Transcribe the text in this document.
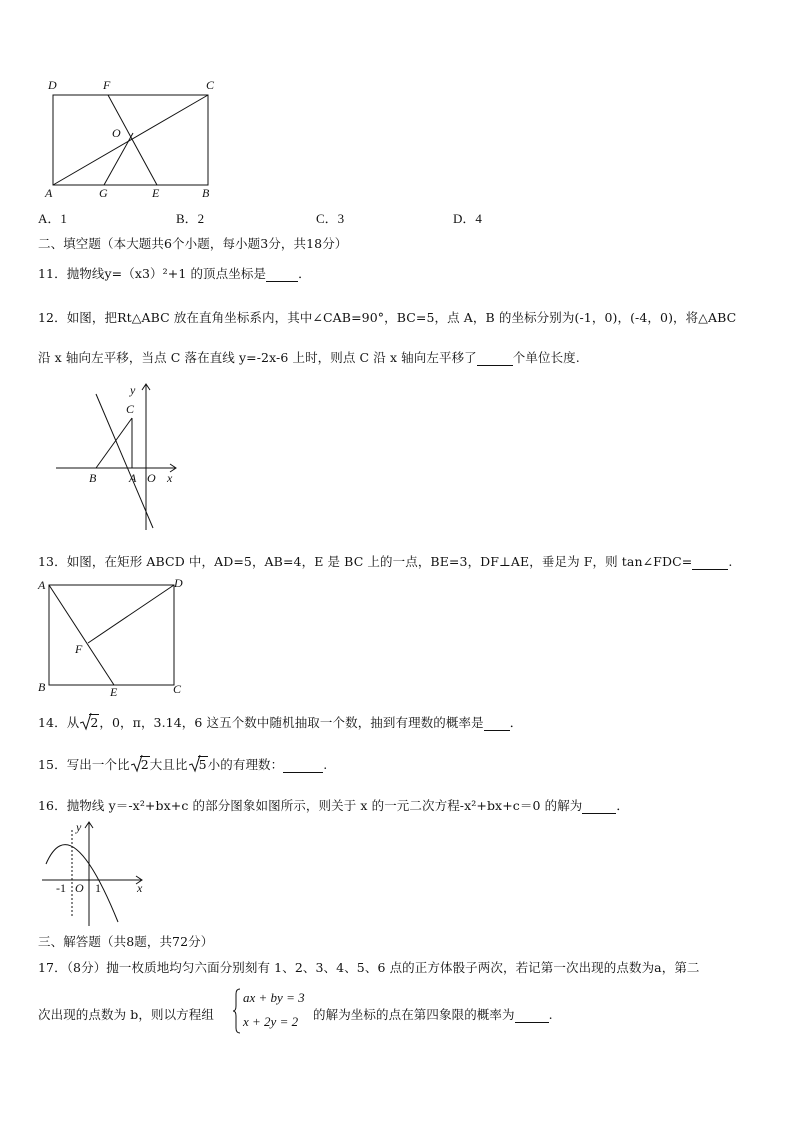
D	F	C
O
A	G	E	B
A．1	B．2	C．3	D．4
二、填空题（本大题共6个小题，每小题3分，共18分）
11．抛物线y=（x3）²+1 的顶点坐标是	．
12．如图，把Rt△ABC 放在直角坐标系内，其中∠CAB=90°，BC=5，点 A，B 的坐标分别为(-1，0)，(-4，0)，将△ABC
沿 x 轴向左平移，当点 C 落在直线 y=-2x-6 上时，则点 C 沿 x 轴向左平移了	个单位长度.
y
C
B	A O x
13．如图，在矩形 ABCD 中，AD=5，AB=4，E 是 BC 上的一点，BE=3，DF⊥AE，垂足为 F，则 tan∠FDC=	.
A	D
F
B	E	C
14．从 2，0，π，3.14，6 这五个数中随机抽取一个数，抽到有理数的概率是 ．
15．写出一个比 2大且比 5小的有理数：	.
16．抛物线 y＝-x²+bx+c 的部分图象如图所示，则关于 x 的一元二次方程-x²+bx+c＝0 的解为	．
y
-1 O 1	x
三、解答题（共8题，共72分）
17．（8分）抛一枚质地均匀六面分别刻有 1、2、3、4、5、6 点的正方体骰子两次，若记第一次出现的点数为a，第二
次出现的点数为 b，则以方程组
ax + by = 3
x + 2y = 2 的解为坐标的点在第四象限的概率为	.
